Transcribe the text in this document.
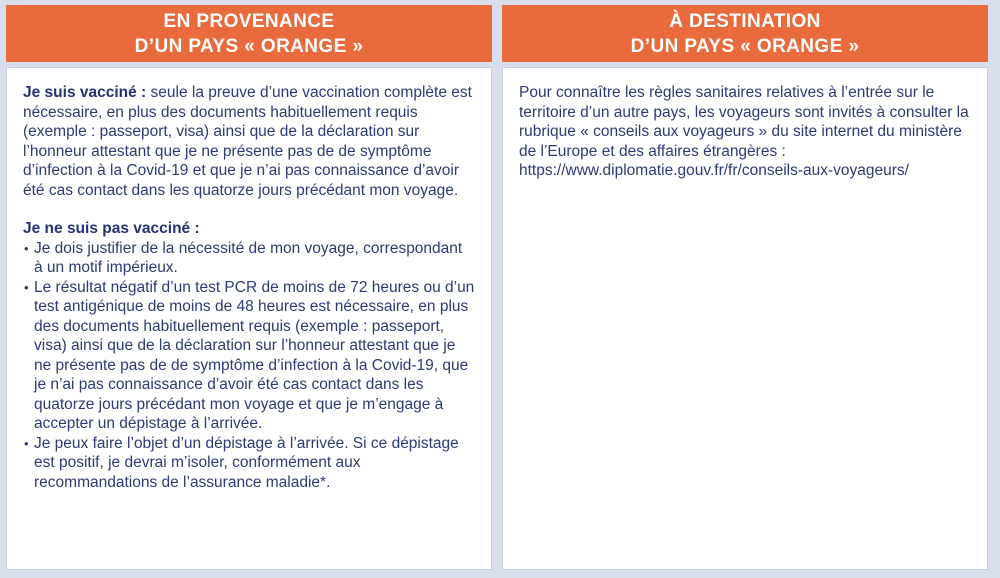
EN PROVENANCE
D’UN PAYS « ORANGE »

Je suis vacciné : seule la preuve d’une vaccination complète est nécessaire, en plus des documents habituellement requis (exemple : passeport, visa) ainsi que de la déclaration sur l’honneur attestant que je ne présente pas de de symptôme d’infection à la Covid-19 et que je n’ai pas connaissance d’avoir été cas contact dans les quatorze jours précédant mon voyage.

Je ne suis pas vacciné :

• Je dois justifier de la nécessité de mon voyage, correspondant à un motif impérieux.
• Le résultat négatif d’un test PCR de moins de 72 heures ou d’un test antigénique de moins de 48 heures est nécessaire, en plus des documents habituellement requis (exemple : passeport, visa) ainsi que de la déclaration sur l’honneur attestant que je ne présente pas de de symptôme d’infection à la Covid-19, que je n’ai pas connaissance d’avoir été cas contact dans les quatorze jours précédant mon voyage et que je m’engage à accepter un dépistage à l’arrivée.
• Je peux faire l’objet d’un dépistage à l’arrivée. Si ce dépistage est positif, je devrai m’isoler, conformément aux recommandations de l’assurance maladie*.
À DESTINATION
D’UN PAYS « ORANGE »

Pour connaître les règles sanitaires relatives à l’entrée sur le territoire d’un autre pays, les voyageurs sont invités à consulter la rubrique « conseils aux voyageurs » du site internet du ministère de l’Europe et des affaires étrangères :

https://www.diplomatie.gouv.fr/fr/conseils-aux-voyageurs/
